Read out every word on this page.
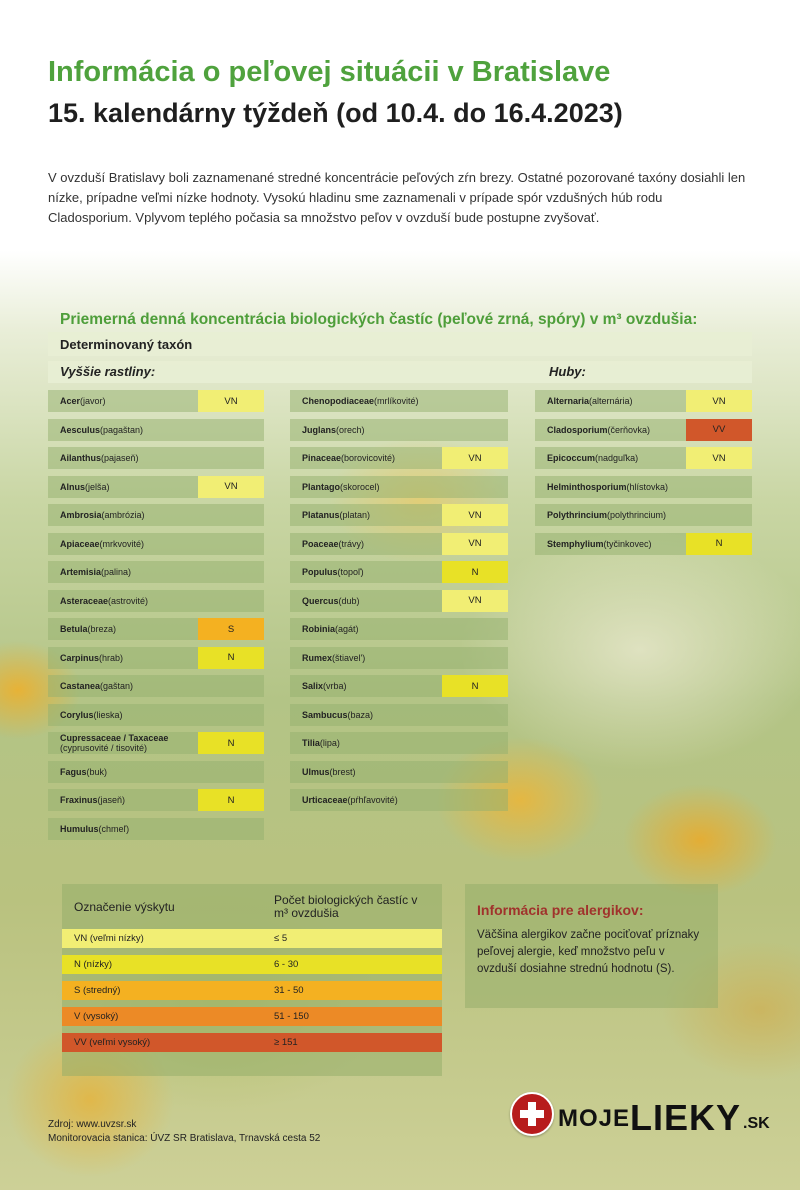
Informácia o peľovej situácii v Bratislave
15. kalendárny týždeň (od 10.4. do 16.4.2023)

V ovzduší Bratislavy boli zaznamenané stredné koncentrácie peľových zŕn brezy. Ostatné pozorované taxóny dosiahli len nízke, prípadne veľmi nízke hodnoty. Vysokú hladinu sme zaznamenali v prípade spór vzdušných húb rodu Cladosporium. Vplyvom teplého počasia sa množstvo peľov v ovzduší bude postupne zvyšovať.

Priemerná denná koncentrácia biologických častíc (peľové zrná, spóry) v m³ ovzdušia:
Determinovaný taxón
Vyššie rastliny:	Huby:
Acer (javor)	VN
Aesculus (pagaštan)
Ailanthus (pajaseň)
Alnus (jelša)	VN
Ambrosia (ambrózia)
Apiaceae (mrkvovité)
Artemisia (palina)
Asteraceae (astrovité)
Betula (breza)	S
Carpinus (hrab)	N
Castanea (gaštan)
Corylus (lieska)
Cupressaceae / Taxaceae
(cyprusovité / tisovité)	N
Fagus (buk)
Fraxinus (jaseň)	N
Humulus (chmeľ)
Chenopodiaceae (mrlíkovité)
Juglans (orech)
Pinaceae (borovicovité)	VN
Plantago (skorocel)
Platanus (platan)	VN
Poaceae (trávy)	VN
Populus (topoľ)	N
Quercus (dub)	VN
Robinia (agát)
Rumex (štiavel')
Salix (vrba)	N
Sambucus (baza)
Tilia (lipa)
Ulmus (brest)
Urticaceae (pŕhľavovité)
Alternaria (alternária)	VN
Cladosporium (čerňovka)	VV
Epicoccum (nadguľka)	VN
Helminthosporium (hlístovka)
Polythrincium (polythrincium)
Stemphylium (tyčinkovec)	N
Označenie výskytu	Počet biologických častíc v m³ ovzdušia
VN (veľmi nízky)	≤ 5
N (nízky)	6 - 30
S (stredný)	31 - 50
V (vysoký)	51 - 150
VV (veľmi vysoký)	≥ 151
Informácia pre alergikov:

Väčšina alergikov začne pociťovať príznaky peľovej alergie, keď množstvo peľu v ovzduší dosiahne strednú hodnotu (S).

Zdroj: www.uvzsr.sk
Monitorovacia stanica: ÚVZ SR Bratislava, Trnavská cesta 52
MOJE LIEKY .SK
